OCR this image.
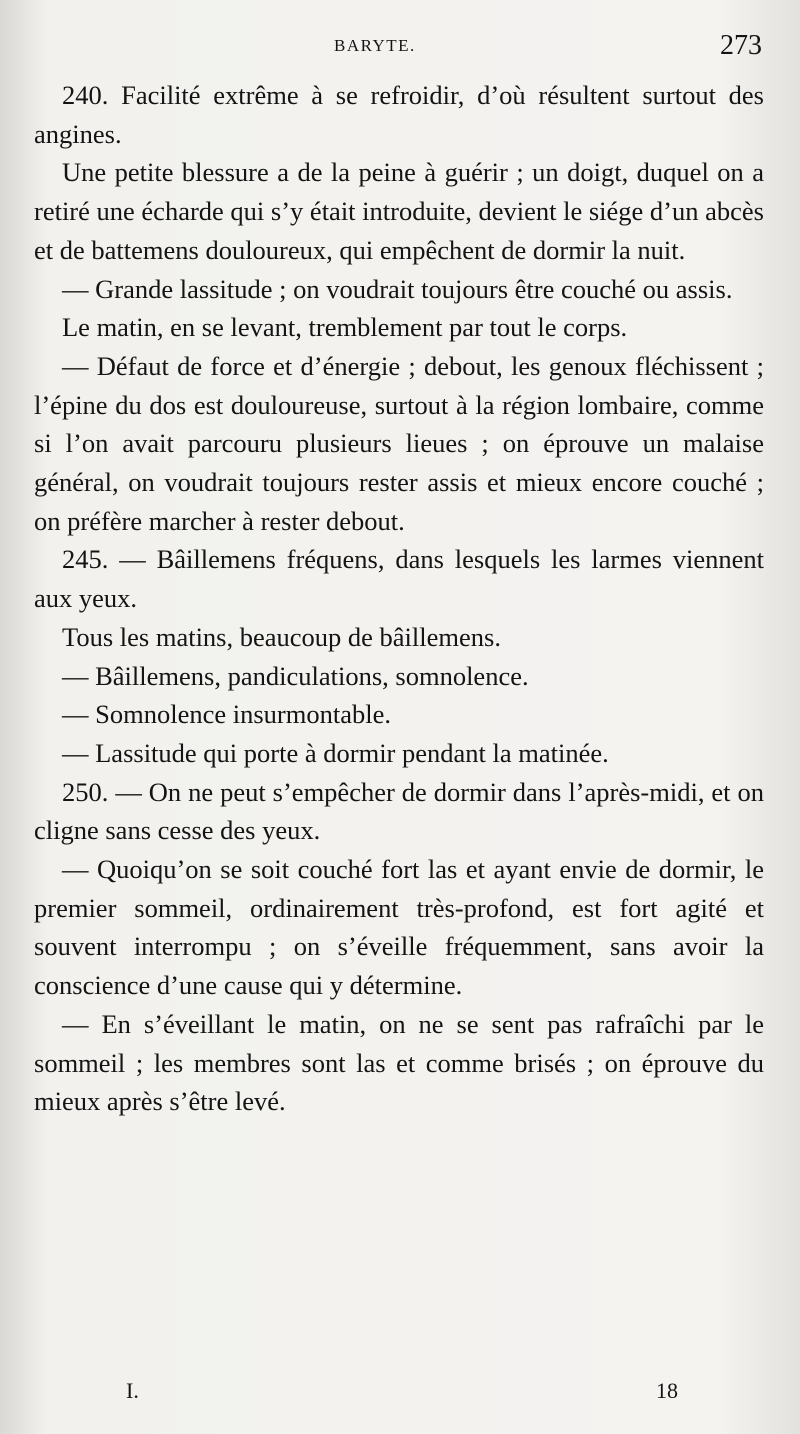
BARYTE.	273

240. Facilité extrême à se refroidir, d’où résultent surtout des angines.

Une petite blessure a de la peine à guérir ; un doigt, duquel on a retiré une écharde qui s’y était introduite, devient le siége d’un abcès et de battemens douloureux, qui empêchent de dormir la nuit.

— Grande lassitude ; on voudrait toujours être couché ou assis.

Le matin, en se levant, tremblement par tout le corps.

— Défaut de force et d’énergie ; debout, les genoux fléchissent ; l’épine du dos est douloureuse, surtout à la région lombaire, comme si l’on avait parcouru plusieurs lieues ; on éprouve un malaise général, on voudrait toujours rester assis et mieux encore couché ; on préfère marcher à rester debout.

245. — Bâillemens fréquens, dans lesquels les larmes viennent aux yeux.

Tous les matins, beaucoup de bâillemens.

— Bâillemens, pandiculations, somnolence.

— Somnolence insurmontable.

— Lassitude qui porte à dormir pendant la matinée.

250. — On ne peut s’empêcher de dormir dans l’après-midi, et on cligne sans cesse des yeux.

— Quoiqu’on se soit couché fort las et ayant envie de dormir, le premier sommeil, ordinairement très-profond, est fort agité et souvent interrompu ; on s’éveille fréquemment, sans avoir la conscience d’une cause qui y détermine.

— En s’éveillant le matin, on ne se sent pas rafraîchi par le sommeil ; les membres sont las et comme brisés ; on éprouve du mieux après s’être levé.

I.	18
